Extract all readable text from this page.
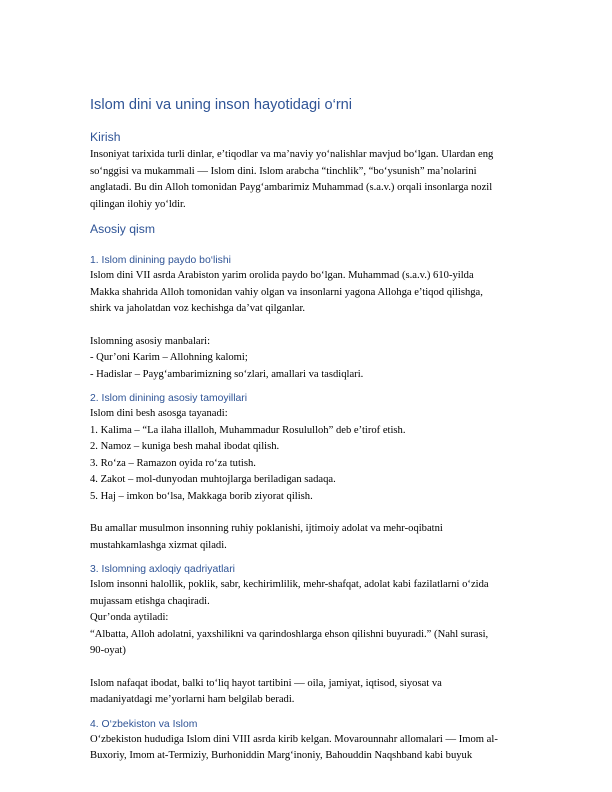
Islom dini va uning inson hayotidagi o‘rni
Kirish
Insoniyat tarixida turli dinlar, e’tiqodlar va ma’naviy yo‘nalishlar mavjud bo‘lgan. Ulardan eng
so‘nggisi va mukammali — Islom dini. Islom arabcha “tinchlik”, “bo‘ysunish” ma’nolarini
anglatadi. Bu din Alloh tomonidan Payg‘ambarimiz Muhammad (s.a.v.) orqali insonlarga nozil
qilingan ilohiy yo‘ldir.
Asosiy qism
1. Islom dinining paydo bo‘lishi
Islom dini VII asrda Arabiston yarim orolida paydo bo‘lgan. Muhammad (s.a.v.) 610-yilda
Makka shahrida Alloh tomonidan vahiy olgan va insonlarni yagona Allohga e’tiqod qilishga,
shirk va jaholatdan voz kechishga da’vat qilganlar.
Islomning asosiy manbalari:
- Qur’oni Karim – Allohning kalomi;
- Hadislar – Payg‘ambarimizning so‘zlari, amallari va tasdiqlari.
2. Islom dinining asosiy tamoyillari
Islom dini besh asosga tayanadi:
1. Kalima – “La ilaha illalloh, Muhammadur Rosululloh” deb e’tirof etish.
2. Namoz – kuniga besh mahal ibodat qilish.
3. Ro‘za – Ramazon oyida ro‘za tutish.
4. Zakot – mol-dunyodan muhtojlarga beriladigan sadaqa.
5. Haj – imkon bo‘lsa, Makkaga borib ziyorat qilish.
Bu amallar musulmon insonning ruhiy poklanishi, ijtimoiy adolat va mehr-oqibatni
mustahkamlashga xizmat qiladi.
3. Islomning axloqiy qadriyatlari
Islom insonni halollik, poklik, sabr, kechirimlilik, mehr-shafqat, adolat kabi fazilatlarni o‘zida
mujassam etishga chaqiradi.
Qur’onda aytiladi:
“Albatta, Alloh adolatni, yaxshilikni va qarindoshlarga ehson qilishni buyuradi.” (Nahl surasi,
90-oyat)
Islom nafaqat ibodat, balki to‘liq hayot tartibini — oila, jamiyat, iqtisod, siyosat va
madaniyatdagi me’yorlarni ham belgilab beradi.
4. O‘zbekiston va Islom
O‘zbekiston hududiga Islom dini VIII asrda kirib kelgan. Movarounnahr allomalari — Imom al-
Buxoriy, Imom at-Termiziy, Burhoniddin Marg‘inoniy, Bahouddin Naqshband kabi buyuk
